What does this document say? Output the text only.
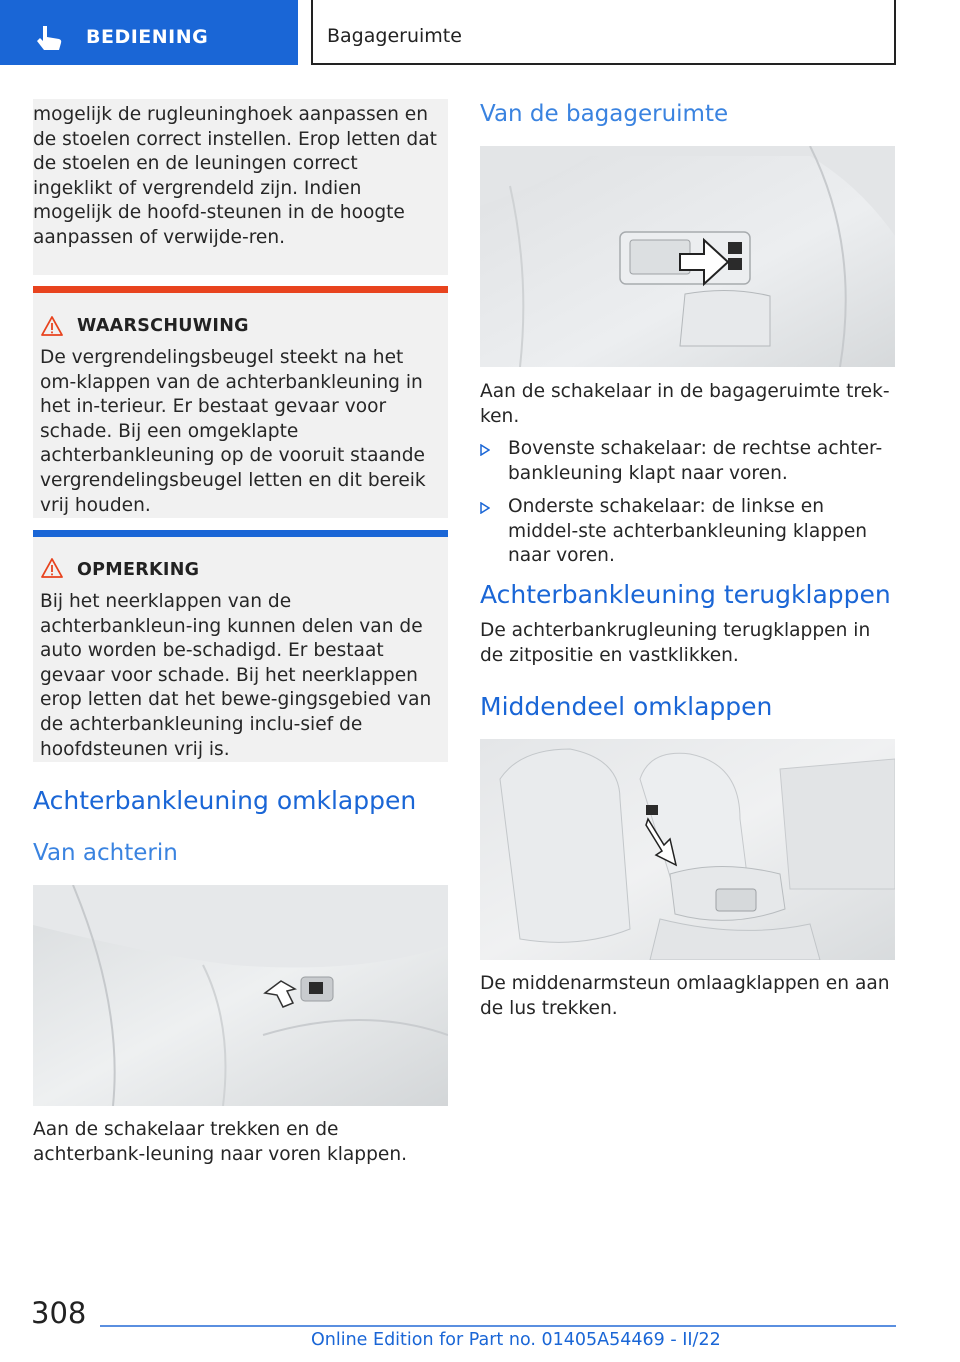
BEDIENING	Bagageruimte

mogelijk de rugleuninghoek aanpassen en de stoelen correct instellen. Erop letten dat de stoelen en de leuningen correct ingeklikt of vergrendeld zijn. Indien mogelijk de hoofd-steunen in de hoogte aanpassen of verwijde-ren.

WAARSCHUWING

De vergrendelingsbeugel steekt na het om-klappen van de achterbankleuning in het in-terieur. Er bestaat gevaar voor schade. Bij een omgeklapte achterbankleuning op de vooruit staande vergrendelingsbeugel letten en dit bereik vrij houden.

OPMERKING

Bij het neerklappen van de achterbankleun-ing kunnen delen van de auto worden be-schadigd. Er bestaat gevaar voor schade. Bij het neerklappen erop letten dat het bewe-gingsgebied van de achterbankleuning inclu-sief de hoofdsteunen vrij is.

Achterbankleuning omklappen
Van achterin

Aan de schakelaar trekken en de achterbank-leuning naar voren klappen.

Van de bagageruimte

Aan de schakelaar in de bagageruimte trek-ken.

Bovenste schakelaar: de rechtse achter-bankleuning klapt naar voren.

Onderste schakelaar: de linkse en middel-ste achterbankleuning klappen naar voren.

Achterbankleuning terugklappen

De achterbankrugleuning terugklappen in de zitpositie en vastklikken.

Middendeel omklappen

De middenarmsteun omlaagklappen en aan de lus trekken.

308
Online Edition for Part no. 01405A54469 - II/22
